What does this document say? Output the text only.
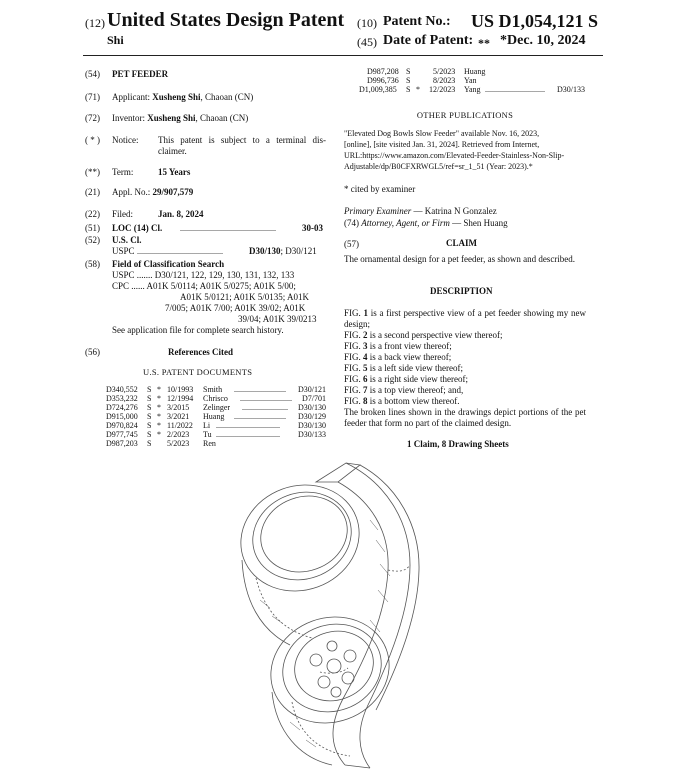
(12) United States Design Patent
Shi
(10) Patent No.: US D1,054,121 S
(45) Date of Patent: ** *Dec. 10, 2024
(54) PET FEEDER
(71) Applicant: Xusheng Shi, Chaoan (CN)
(72) Inventor: Xusheng Shi, Chaoan (CN)
( * ) Notice: This patent is subject to a terminal dis-claimer.
(**) Term:	15 Years
(21) Appl. No.: 29/907,579
(22) Filed:	Jan. 8, 2024
(51) LOC (14) Cl. ................................................	30-03
(52) U.S. Cl.
USPC ...........................................	D30/130; D30/121
(58) Field of Classification Search
USPC ....... D30/121, 122, 129, 130, 131, 132, 133
CPC ...... A01K 5/0114; A01K 5/0275; A01K 5/00;
A01K 5/0121; A01K 5/0135; A01K
7/005; A01K 7/00; A01K 39/02; A01K
39/04; A01K 39/0213
See application file for complete search history.
(56)	References Cited
U.S. PATENT DOCUMENTS
D340,552 S * 10/1993 Smith ..........................	D30/121
D353,232 S * 12/1994 Chrisco ..........................	D7/701
D724,276 S * 3/2015 Zelinger .......................	D30/130
D915,000 S * 3/2021 Huang ..........................	D30/129
D970,824 S * 11/2022 Li ................................	D30/130
D977,745 S * 2/2023 Tu ................................	D30/133
D987,203 S 5/2023 Ren
D987,208 S	5/2023 Huang
D996,736 S	8/2023 Yan
D1,009,385 S * 12/2023 Yang ..............................	D30/133
OTHER PUBLICATIONS
"Elevated Dog Bowls Slow Feeder" available Nov. 16, 2023,
[online], [site visited Jan. 31, 2024]. Retrieved from Internet,
URL:https://www.amazon.com/Elevated-Feeder-Stainless-Non-Slip-
Adjustable/dp/B0CFXRWGL5/ref=sr_1_51 (Year: 2023).*
* cited by examiner
Primary Examiner — Katrina N Gonzalez
(74) Attorney, Agent, or Firm — Shen Huang
(57)	CLAIM
The ornamental design for a pet feeder, as shown and described.
DESCRIPTION
FIG. 1 is a first perspective view of a pet feeder showing my new design;
FIG. 2 is a second perspective view thereof;
FIG. 3 is a front view thereof;
FIG. 4 is a back view thereof;
FIG. 5 is a left side view thereof;
FIG. 6 is a right side view thereof;
FIG. 7 is a top view thereof; and,
FIG. 8 is a bottom view thereof.
The broken lines shown in the drawings depict portions of the pet feeder that form no part of the claimed design.
1 Claim, 8 Drawing Sheets
